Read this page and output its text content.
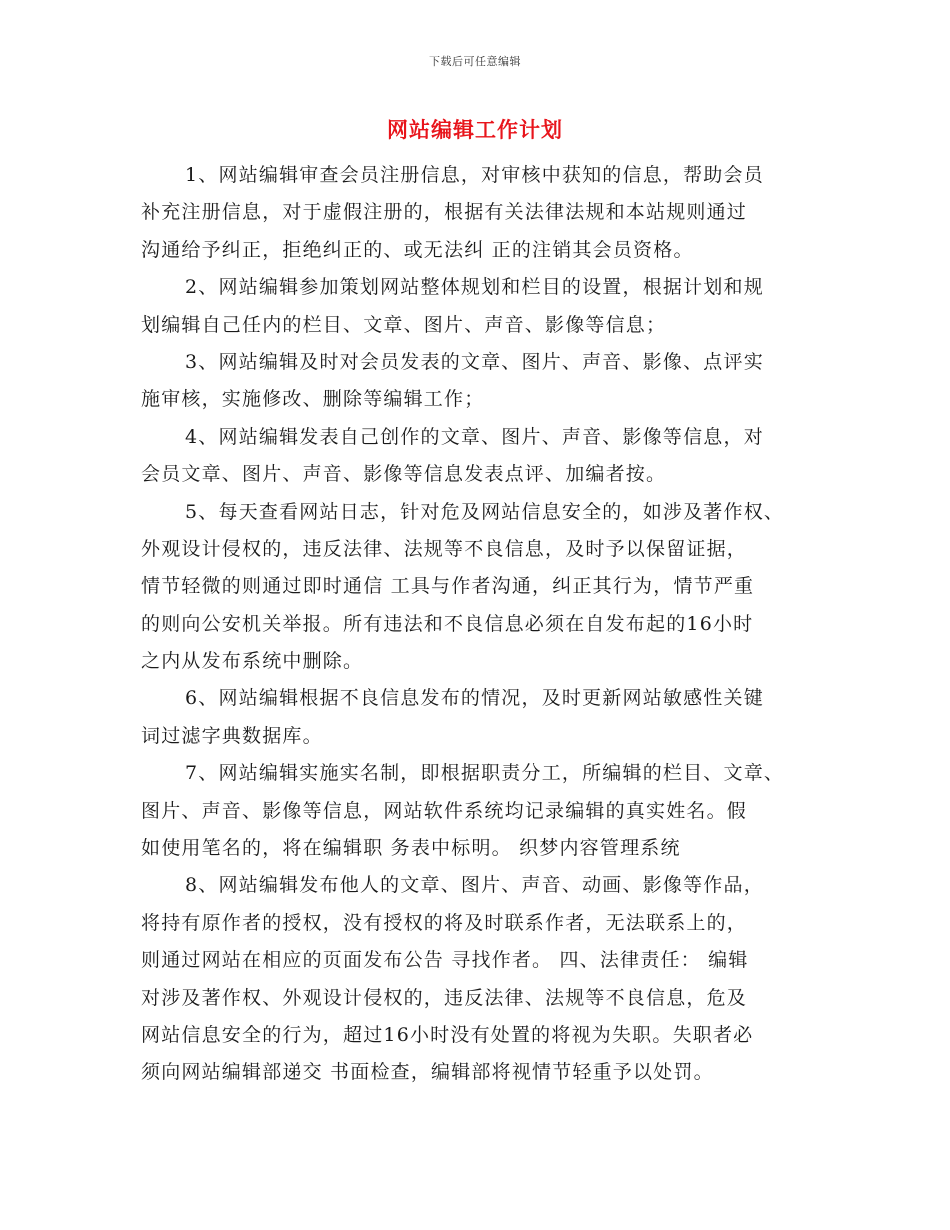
下载后可任意编辑
网站编辑工作计划
1、网站编辑审查会员注册信息，对审核中获知的信息，帮助会员
补充注册信息，对于虚假注册的，根据有关法律法规和本站规则通过
沟通给予纠正，拒绝纠正的、或无法纠 正的注销其会员资格。
2、网站编辑参加策划网站整体规划和栏目的设置，根据计划和规
划编辑自己任内的栏目、文章、图片、声音、影像等信息；
3、网站编辑及时对会员发表的文章、图片、声音、影像、点评实
施审核，实施修改、删除等编辑工作；
4、网站编辑发表自己创作的文章、图片、声音、影像等信息，对
会员文章、图片、声音、影像等信息发表点评、加编者按。
5、每天查看网站日志，针对危及网站信息安全的，如涉及著作权、
外观设计侵权的，违反法律、法规等不良信息，及时予以保留证据，
情节轻微的则通过即时通信 工具与作者沟通，纠正其行为，情节严重
的则向公安机关举报。所有违法和不良信息必须在自发布起的16小时
之内从发布系统中删除。
6、网站编辑根据不良信息发布的情况，及时更新网站敏感性关键
词过滤字典数据库。
7、网站编辑实施实名制，即根据职责分工，所编辑的栏目、文章、
图片、声音、影像等信息，网站软件系统均记录编辑的真实姓名。假
如使用笔名的，将在编辑职 务表中标明。 织梦内容管理系统
8、网站编辑发布他人的文章、图片、声音、动画、影像等作品，
将持有原作者的授权，没有授权的将及时联系作者，无法联系上的，
则通过网站在相应的页面发布公告 寻找作者。 四、法律责任： 编辑
对涉及著作权、外观设计侵权的，违反法律、法规等不良信息，危及
网站信息安全的行为，超过16小时没有处置的将视为失职。失职者必
须向网站编辑部递交 书面检查，编辑部将视情节轻重予以处罚。
